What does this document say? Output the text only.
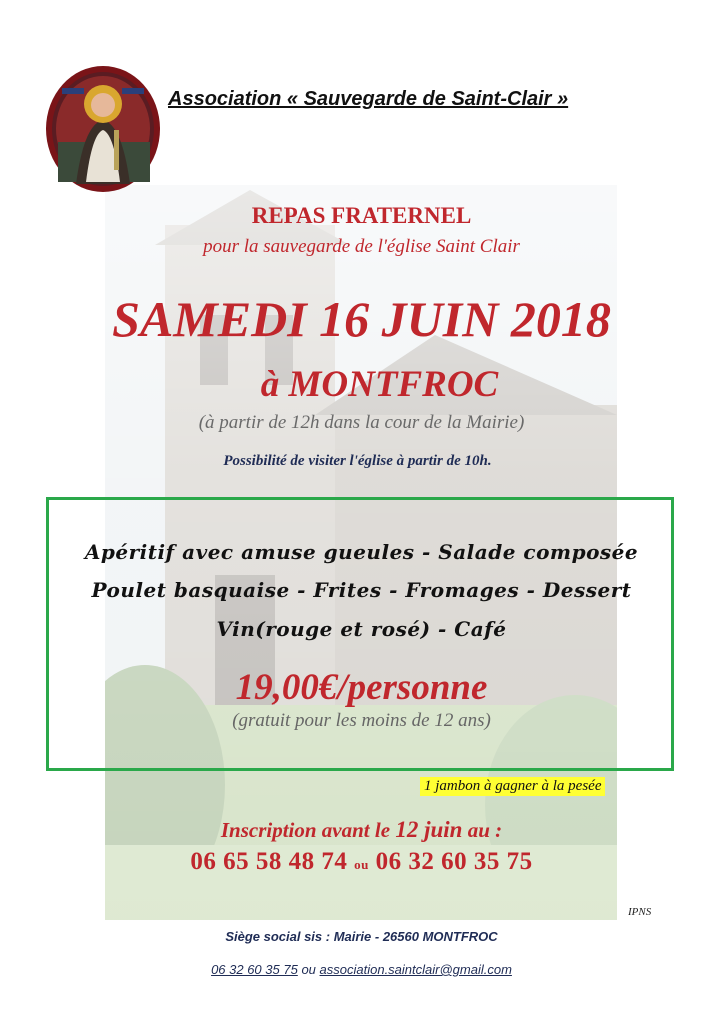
Association « Sauvegarde de Saint-Clair »
REPAS FRATERNEL
pour la sauvegarde de l'église Saint Clair
SAMEDI 16 JUIN 2018
à MONTFROC
(à partir de 12h dans la cour de la Mairie)
Possibilité de visiter l'église à partir de 10h.
Apéritif avec amuse gueules - Salade composée
Poulet basquaise - Frites - Fromages - Dessert
Vin(rouge et rosé) - Café
19,00€/personne
(gratuit pour les moins de 12 ans)
1 jambon à gagner à la pesée
Inscription avant le 12 juin au :
06 65 58 48 74 ou 06 32 60 35 75
IPNS
Siège social sis : Mairie - 26560 MONTFROC
06 32 60 35 75 ou association.saintclair@gmail.com
